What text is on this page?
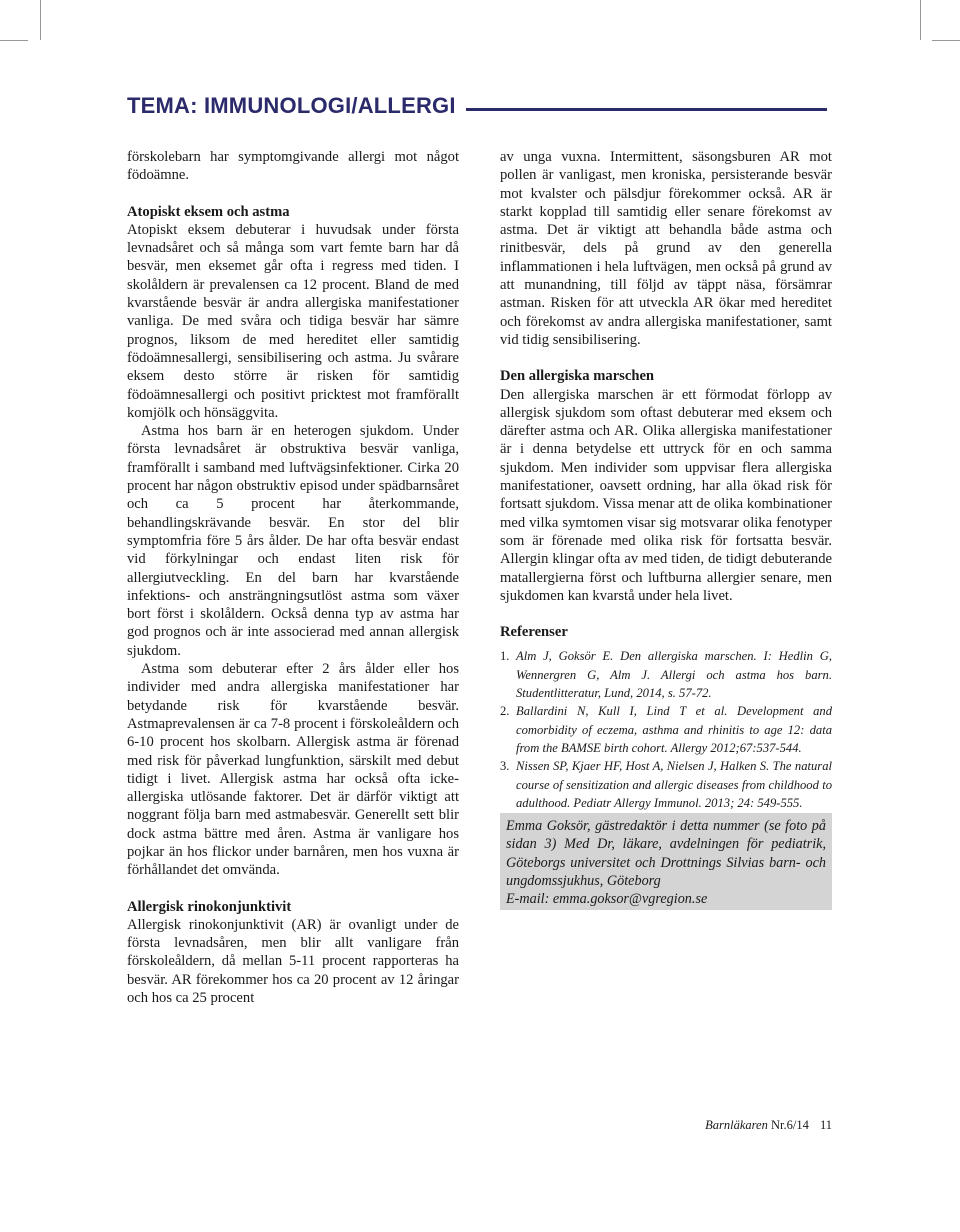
TEMA: IMMUNOLOGI/ALLERGI

förskolebarn har symptomgivande allergi mot något födoämne.

Atopiskt eksem och astma

Atopiskt eksem debuterar i huvudsak under första levnadsåret och så många som vart femte barn har då besvär, men eksemet går ofta i regress med tiden. I skolåldern är prevalensen ca 12 procent. Bland de med kvarstående besvär är andra allergiska manifestationer vanliga. De med svåra och tidiga besvär har sämre prognos, liksom de med hereditet eller samtidig födoämnesallergi, sensibilisering och astma. Ju svårare eksem desto större är risken för samtidig födoämnesallergi och positivt pricktest mot framförallt komjölk och hönsäggvita.

Astma hos barn är en heterogen sjukdom. Under första levnadsåret är obstruktiva besvär vanliga, framförallt i samband med luftvägsinfektioner. Cirka 20 procent har någon obstruktiv episod under spädbarnsåret och ca 5 procent har återkommande, behandlingskrävande besvär. En stor del blir symptomfria före 5 års ålder. De har ofta besvär endast vid förkylningar och endast liten risk för allergiutveckling. En del barn har kvarstående infektions- och ansträngningsutlöst astma som växer bort först i skolåldern. Också denna typ av astma har god prognos och är inte associerad med annan allergisk sjukdom.

Astma som debuterar efter 2 års ålder eller hos individer med andra allergiska manifestationer har betydande risk för kvarstående besvär. Astmaprevalensen är ca 7-8 procent i förskoleåldern och 6-10 procent hos skolbarn. Allergisk astma är förenad med risk för påverkad lungfunktion, särskilt med debut tidigt i livet. Allergisk astma har också ofta icke-allergiska utlösande faktorer. Det är därför viktigt att noggrant följa barn med astmabesvär. Generellt sett blir dock astma bättre med åren. Astma är vanligare hos pojkar än hos flickor under barnåren, men hos vuxna är förhållandet det omvända.

Allergisk rinokonjunktivit

Allergisk rinokonjunktivit (AR) är ovanligt under de första levnadsåren, men blir allt vanligare från förskoleåldern, då mellan 5-11 procent rapporteras ha besvär. AR förekommer hos ca 20 procent av 12 åringar och hos ca 25 procent

av unga vuxna. Intermittent, säsongsburen AR mot pollen är vanligast, men kroniska, persisterande besvär mot kvalster och pälsdjur förekommer också. AR är starkt kopplad till samtidig eller senare förekomst av astma. Det är viktigt att behandla både astma och rinitbesvär, dels på grund av den generella inflammationen i hela luftvägen, men också på grund av att munandning, till följd av täppt näsa, försämrar astman. Risken för att utveckla AR ökar med hereditet och förekomst av andra allergiska manifestationer, samt vid tidig sensibilisering.

Den allergiska marschen

Den allergiska marschen är ett förmodat förlopp av allergisk sjukdom som oftast debuterar med eksem och därefter astma och AR. Olika allergiska manifestationer är i denna betydelse ett uttryck för en och samma sjukdom. Men individer som uppvisar flera allergiska manifestationer, oavsett ordning, har alla ökad risk för fortsatt sjukdom. Vissa menar att de olika kombinationer med vilka symtomen visar sig motsvarar olika fenotyper som är förenade med olika risk för fortsatta besvär. Allergin klingar ofta av med tiden, de tidigt debuterande matallergierna först och luftburna allergier senare, men sjukdomen kan kvarstå under hela livet.

Referenser

1. Alm J, Goksör E. Den allergiska marschen. I: Hedlin G, Wennergren G, Alm J. Allergi och astma hos barn. Studentlitteratur, Lund, 2014, s. 57-72.
2. Ballardini N, Kull I, Lind T et al. Development and comorbidity of eczema, asthma and rhinitis to age 12: data from the BAMSE birth cohort. Allergy 2012;67:537-544.
3. Nissen SP, Kjaer HF, Host A, Nielsen J, Halken S. The natural course of sensitization and allergic diseases from childhood to adulthood. Pediatr Allergy Immunol. 2013; 24: 549-555.
Emma Goksör, gästredaktör i detta nummer (se foto på sidan 3) Med Dr, läkare, avdelningen för pediatrik, Göteborgs universitet och Drottnings Silvias barn- och ungdomssjukhus, Göteborg
E-mail: emma.goksor@vgregion.se
Barnläkaren Nr.6/14 11
